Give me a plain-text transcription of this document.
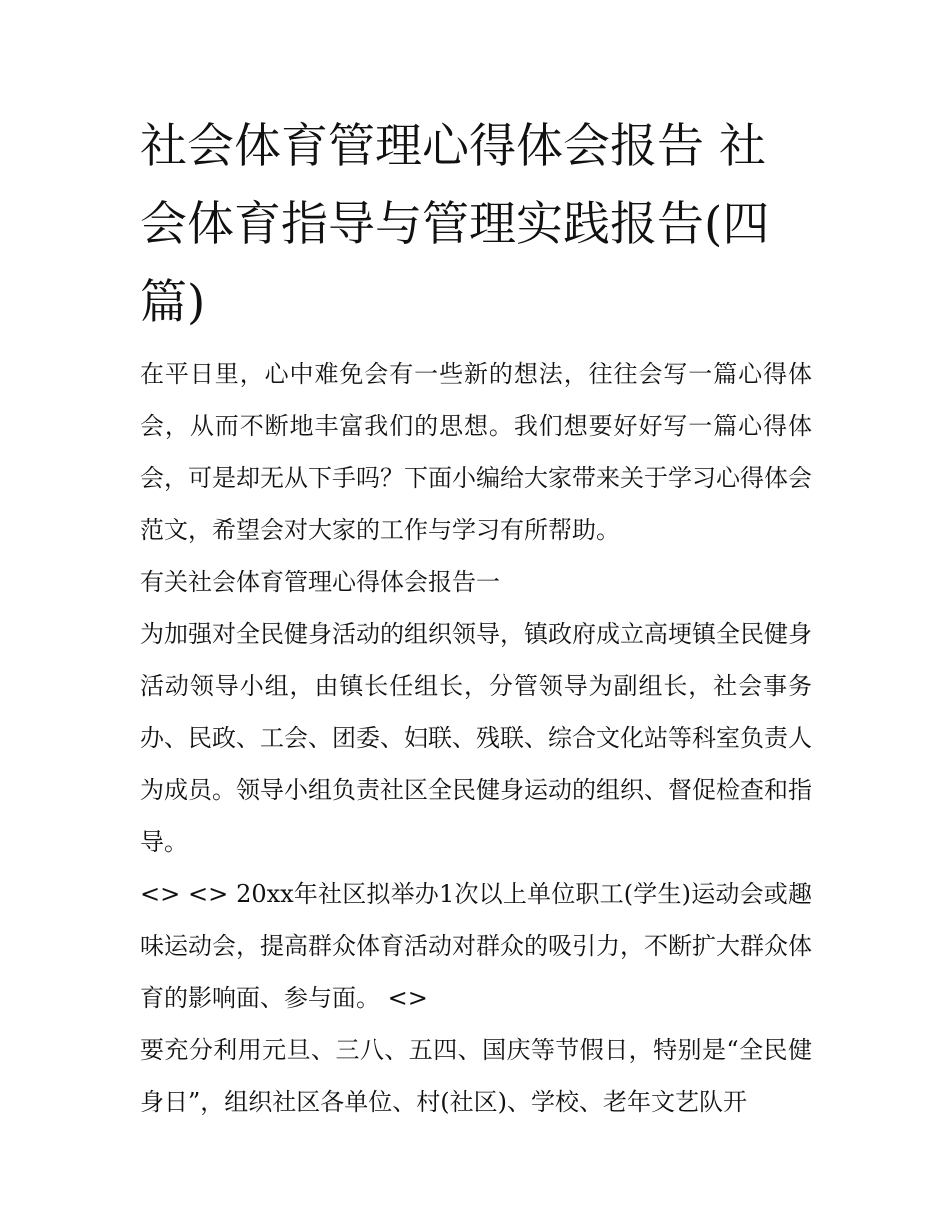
社会体育管理心得体会报告 社会体育指导与管理实践报告(四篇)

在平日里，心中难免会有一些新的想法，往往会写一篇心得体会，从而不断地丰富我们的思想。我们想要好好写一篇心得体会，可是却无从下手吗？下面小编给大家带来关于学习心得体会范文，希望会对大家的工作与学习有所帮助。

有关社会体育管理心得体会报告一

为加强对全民健身活动的组织领导，镇政府成立高埂镇全民健身活动领导小组，由镇长任组长，分管领导为副组长，社会事务办、民政、工会、团委、妇联、残联、综合文化站等科室负责人为成员。领导小组负责社区全民健身运动的组织、督促检查和指导。

<> <> 20xx年社区拟举办1次以上单位职工(学生)运动会或趣味运动会，提高群众体育活动对群众的吸引力，不断扩大群众体育的影响面、参与面。 <>

要充分利用元旦、三八、五四、国庆等节假日，特别是“全民健身日”，组织社区各单位、村(社区)、学校、老年文艺队开
